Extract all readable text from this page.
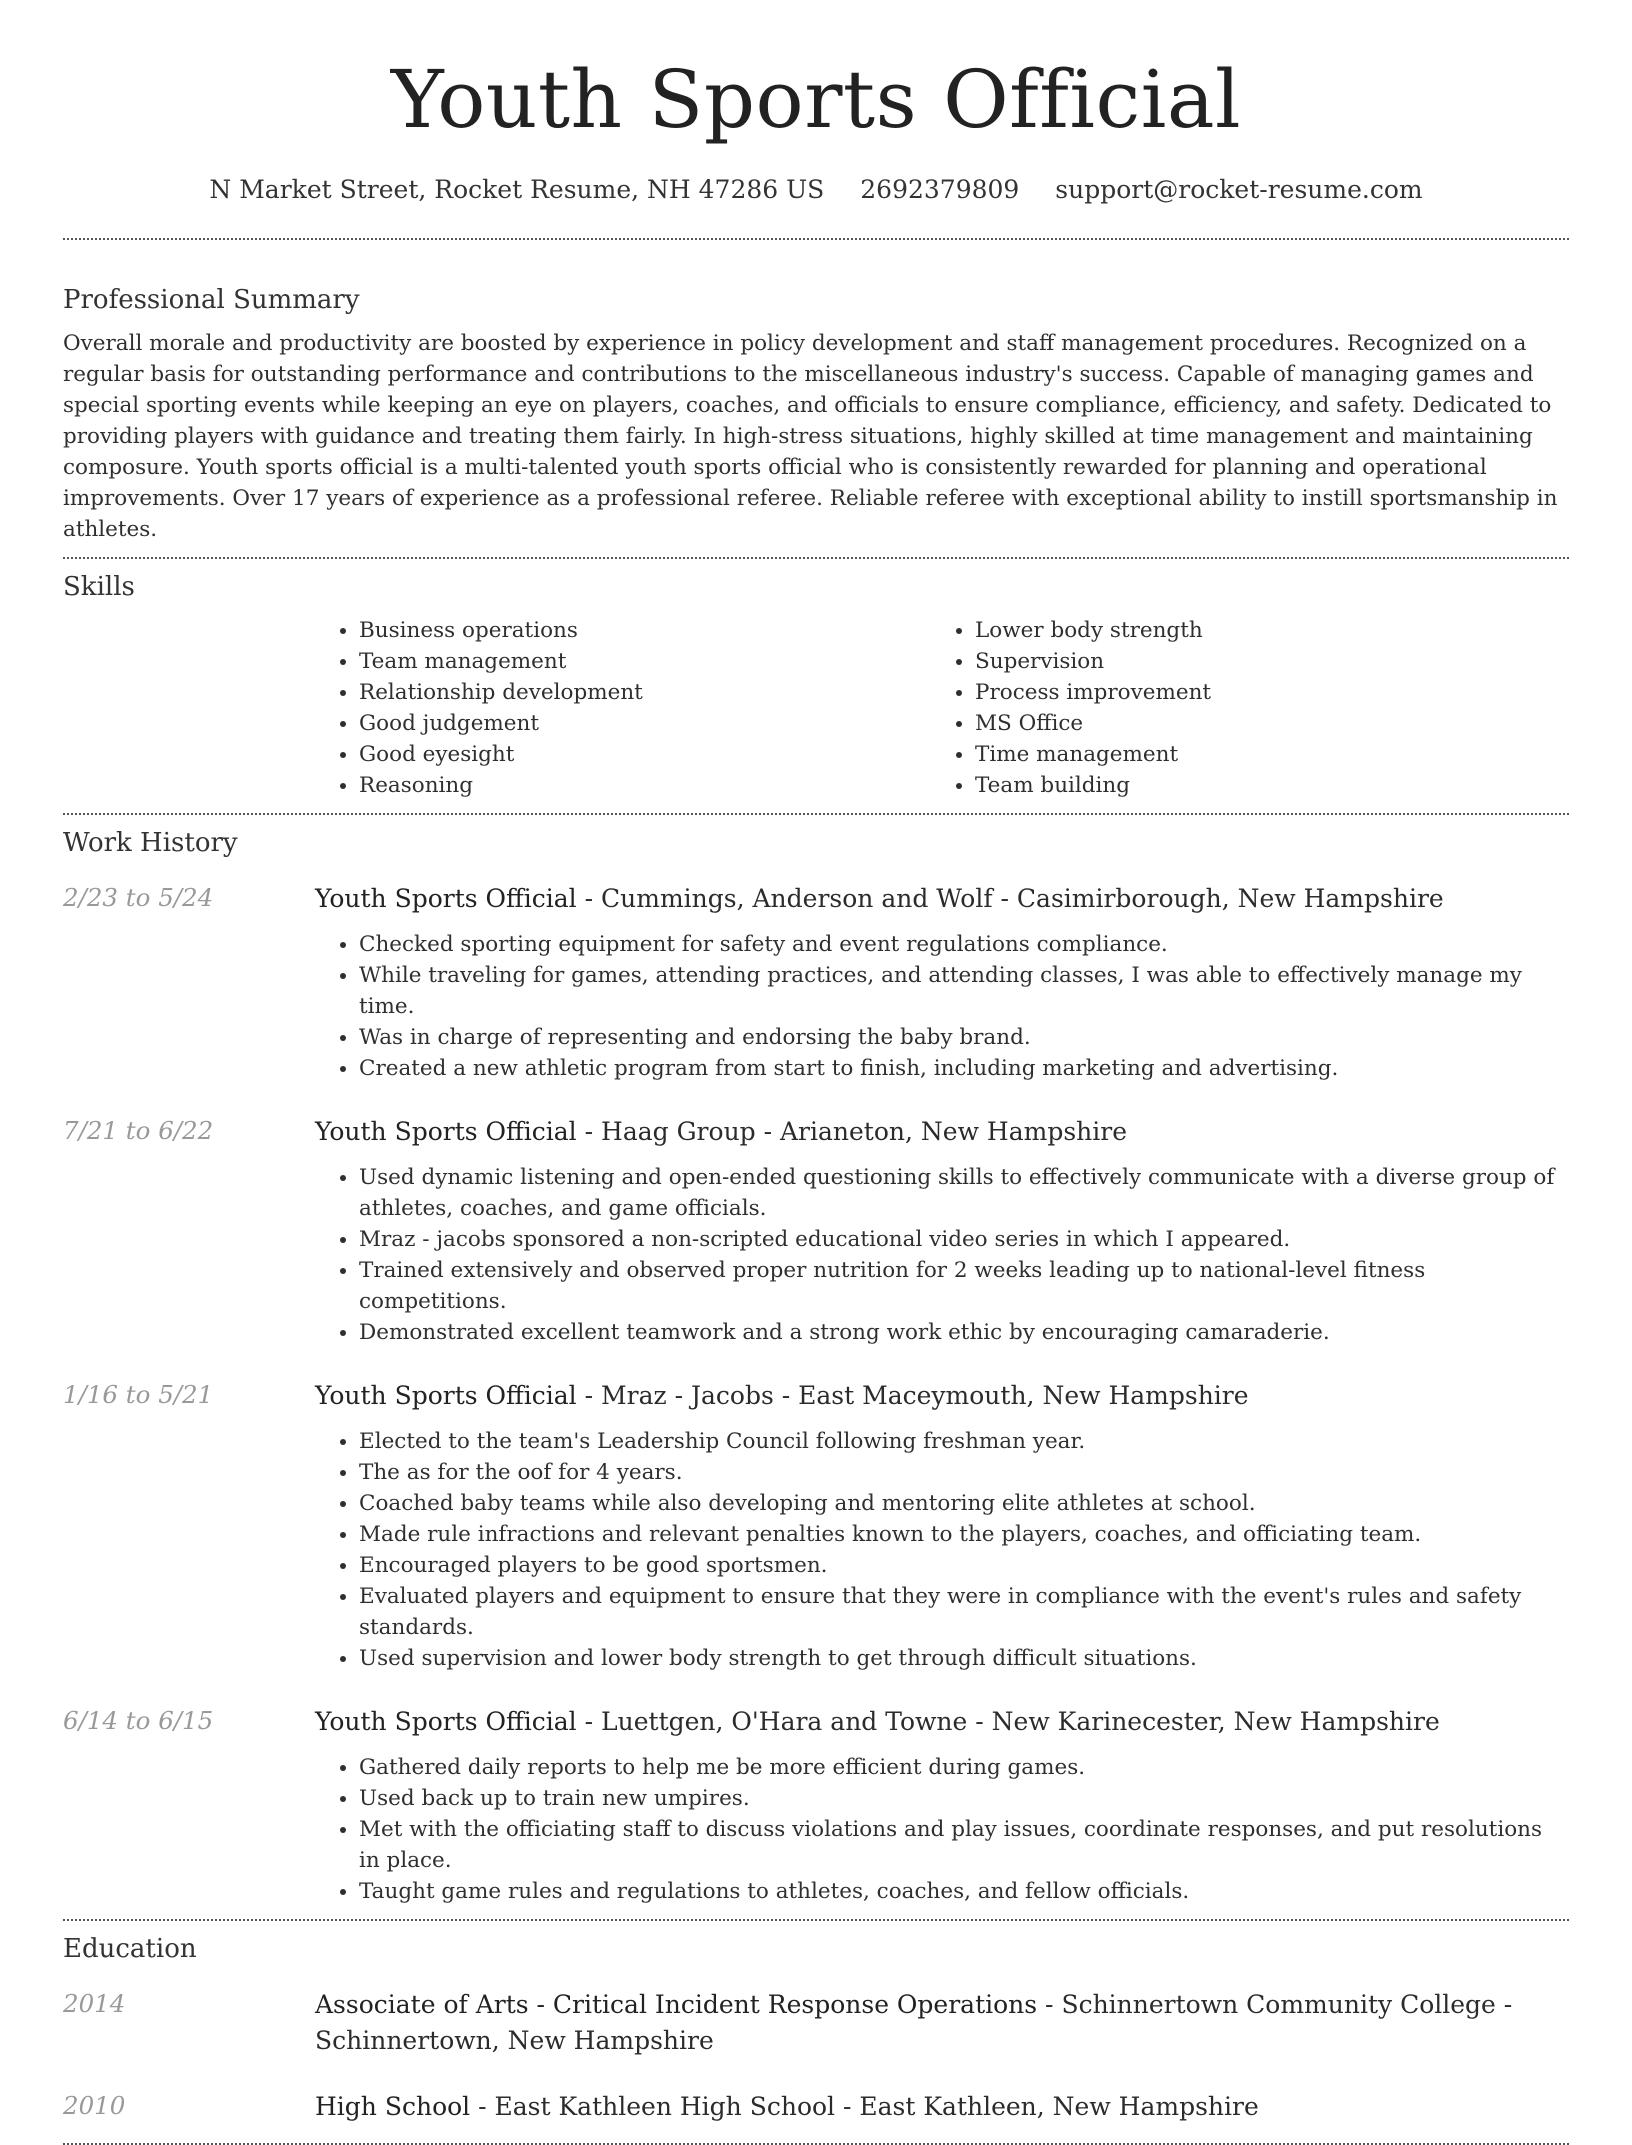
Youth Sports Official
N Market Street, Rocket Resume, NH 47286 US 2692379809 support@rocket-resume.com
Professional Summary

Overall morale and productivity are boosted by experience in policy development and staff management procedures. Recognized on a regular basis for outstanding performance and contributions to the miscellaneous industry's success. Capable of managing games and special sporting events while keeping an eye on players, coaches, and officials to ensure compliance, efficiency, and safety. Dedicated to providing players with guidance and treating them fairly. In high-stress situations, highly skilled at time management and maintaining composure. Youth sports official is a multi-talented youth sports official who is consistently rewarded for planning and operational improvements. Over 17 years of experience as a professional referee. Reliable referee with exceptional ability to instill sportsmanship in athletes.

Skills
• Business operations
• Team management
• Relationship development
• Good judgement
• Good eyesight
• Reasoning
• Lower body strength
• Supervision
• Process improvement
• MS Office
• Time management
• Team building
Work History
2/23 to 5/24	Youth Sports Official - Cummings, Anderson and Wolf - Casimirborough, New Hampshire
• Checked sporting equipment for safety and event regulations compliance.
• While traveling for games, attending practices, and attending classes, I was able to effectively manage my time.
• Was in charge of representing and endorsing the baby brand.
• Created a new athletic program from start to finish, including marketing and advertising.
7/21 to 6/22	Youth Sports Official - Haag Group - Arianeton, New Hampshire
• Used dynamic listening and open-ended questioning skills to effectively communicate with a diverse group of athletes, coaches, and game officials.
• Mraz - jacobs sponsored a non-scripted educational video series in which I appeared.
• Trained extensively and observed proper nutrition for 2 weeks leading up to national-level fitness competitions.
• Demonstrated excellent teamwork and a strong work ethic by encouraging camaraderie.
1/16 to 5/21	Youth Sports Official - Mraz - Jacobs - East Maceymouth, New Hampshire
• Elected to the team's Leadership Council following freshman year.
• The as for the oof for 4 years.
• Coached baby teams while also developing and mentoring elite athletes at school.
• Made rule infractions and relevant penalties known to the players, coaches, and officiating team.
• Encouraged players to be good sportsmen.
• Evaluated players and equipment to ensure that they were in compliance with the event's rules and safety standards.
• Used supervision and lower body strength to get through difficult situations.
6/14 to 6/15	Youth Sports Official - Luettgen, O'Hara and Towne - New Karinecester, New Hampshire
• Gathered daily reports to help me be more efficient during games.
• Used back up to train new umpires.
• Met with the officiating staff to discuss violations and play issues, coordinate responses, and put resolutions in place.
• Taught game rules and regulations to athletes, coaches, and fellow officials.
Education
2014	Associate of Arts - Critical Incident Response Operations - Schinnertown Community College - Schinnertown, New Hampshire
2010	High School - East Kathleen High School - East Kathleen, New Hampshire
